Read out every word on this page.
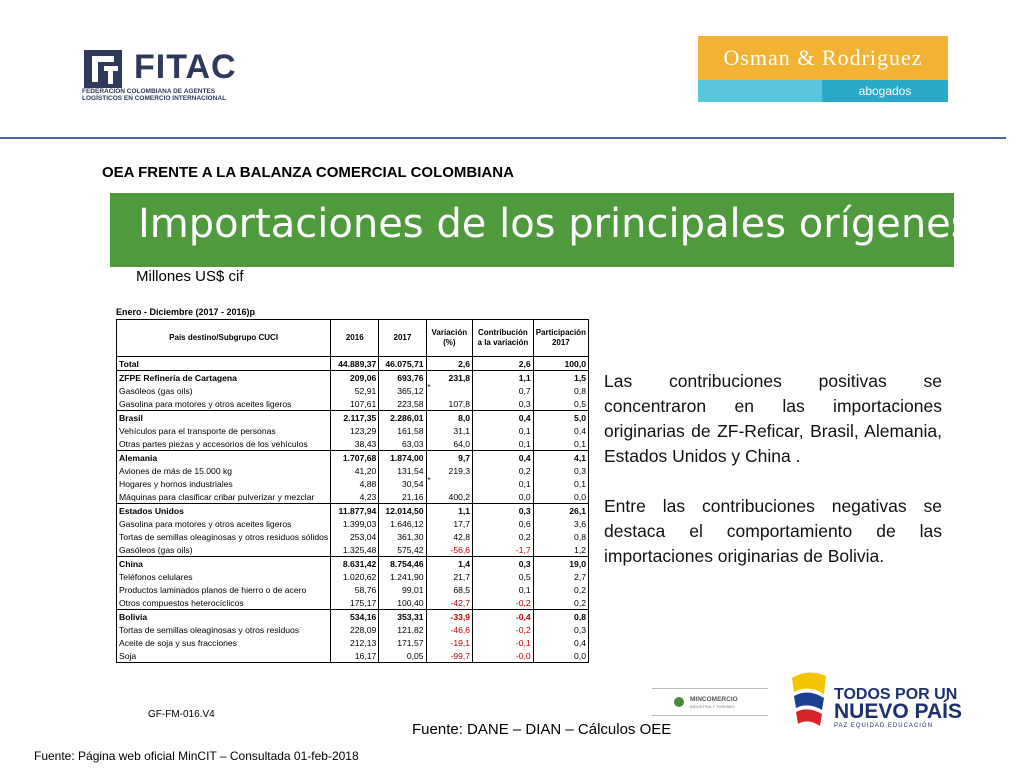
FITAC
FEDERACIÓN COLOMBIANA DE AGENTES LOGÍSTICOS EN COMERCIO INTERNACIONAL
Osman & Rodriguez
abogados
OEA FRENTE A LA BALANZA COMERCIAL COLOMBIANA
Importaciones de los principales orígenes
Millones US$ cif
Enero - Diciembre (2017 - 2016)p
País destino/Subgrupo CUCI	2016	2017	Variación (%)	Contribución a la variación	Participación 2017
Total	44.889,37	46.075,71	2,6	2,6	100,0
ZFPE Refinería de Cartagena	209,06	693,76	231,8	1,1	1,5
Gasóleos (gas oils)	52,91	365,12 *		0,7	0,8
Gasolina para motores y otros aceites ligeros	107,61	223,58	107,8	0,3	0,5
Brasil	2.117,35	2.286,01	8,0	0,4	5,0
Vehículos para el transporte de personas	123,29	161,58	31,1	0,1	0,4
Otras partes piezas y accesorios de los vehículos	38,43	63,03	64,0	0,1	0,1
Alemania	1.707,68	1.874,00	9,7	0,4	4,1
Aviones de más de 15.000 kg	41,20	131,54	219,3	0,2	0,3
Hogares y hornos industriales	4,88	30,54 *		0,1	0,1
Máquinas para clasificar cribar pulverizar y mezclar	4,23	21,16	400,2	0,0	0,0
Estados Unidos	11.877,94	12.014,50	1,1	0,3	26,1
Gasolina para motores y otros aceites ligeros	1.399,03	1.646,12	17,7	0,6	3,6
Tortas de semillas oleaginosas y otros residuos sólidos	253,04	361,30	42,8	0,2	0,8
Gasóleos (gas oils)	1.325,48	575,42	-56,6	-1,7	1,2
China	8.631,42	8.754,46	1,4	0,3	19,0
Teléfonos celulares	1.020,62	1.241,90	21,7	0,5	2,7
Productos laminados planos de hierro o de acero	58,76	99,01	68,5	0,1	0,2
Otros compuestos heterocíclicos	175,17	100,40	-42,7	-0,2	0,2
Bolivia	534,16	353,31	-33,9	-0,4	0,8
Tortas de semillas oleaginosas y otros residuos	228,09	121,82	-46,6	-0,2	0,3
Aceite de soja y sus fracciones	212,13	171,57	-19,1	-0,1	0,4
Soja	16,17	0,05	-99,7	-0,0	0,0
Las contribuciones positivas se concentraron en las importaciones originarias de ZF-Reficar, Brasil, Alemania, Estados Unidos y China .
Entre las contribuciones negativas se destaca el comportamiento de las importaciones originarias de Bolivia.
GF-FM-016.V4
Fuente: DANE – DIAN – Cálculos OEE
Fuente: Página web oficial MinCIT – Consultada 01-feb-2018
MINCOMERCIO
INDUSTRIA Y TURISMO
TODOS POR UN
NUEVO PAÍS
PAZ EQUIDAD EDUCACIÓN
